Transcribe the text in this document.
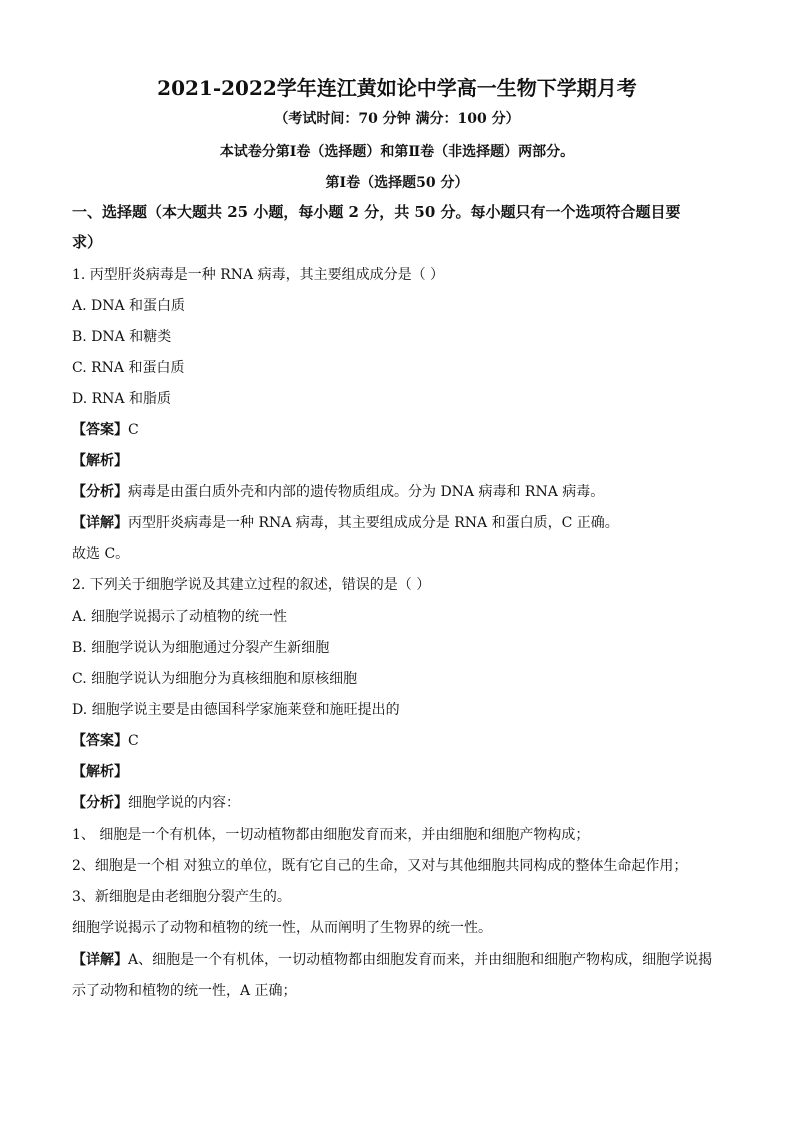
2021-2022学年连江黄如论中学高一生物下学期月考
（考试时间：70 分钟 满分：100 分）
本试卷分第Ⅰ卷（选择题）和第Ⅱ卷（非选择题）两部分。
第Ⅰ卷（选择题50 分）
一、选择题（本大题共 25 小题，每小题 2 分，共 50 分。每小题只有一个选项符合题目要
求）
1. 丙型肝炎病毒是一种 RNA 病毒，其主要组成成分是（ ）
A. DNA 和蛋白质
B. DNA 和糖类
C. RNA 和蛋白质
D. RNA 和脂质
【答案】C
【解析】
【分析】病毒是由蛋白质外壳和内部的遗传物质组成。分为 DNA 病毒和 RNA 病毒。
【详解】丙型肝炎病毒是一种 RNA 病毒，其主要组成成分是 RNA 和蛋白质，C 正确。
故选 C。
2. 下列关于细胞学说及其建立过程的叙述，错误的是（ ）
A. 细胞学说揭示了动植物的统一性
B. 细胞学说认为细胞通过分裂产生新细胞
C. 细胞学说认为细胞分为真核细胞和原核细胞
D. 细胞学说主要是由德国科学家施莱登和施旺提出的
【答案】C
【解析】
【分析】细胞学说的内容：
1、 细胞是一个有机体，一切动植物都由细胞发育而来，并由细胞和细胞产物构成；
2、细胞是一个相 对独立的单位，既有它自己的生命，又对与其他细胞共同构成的整体生命起作用；
3、新细胞是由老细胞分裂产生的。
细胞学说揭示了动物和植物的统一性，从而阐明了生物界的统一性。
【详解】A、细胞是一个有机体，一切动植物都由细胞发育而来，并由细胞和细胞产物构成，细胞学说揭
示了动物和植物的统一性，A 正确；
